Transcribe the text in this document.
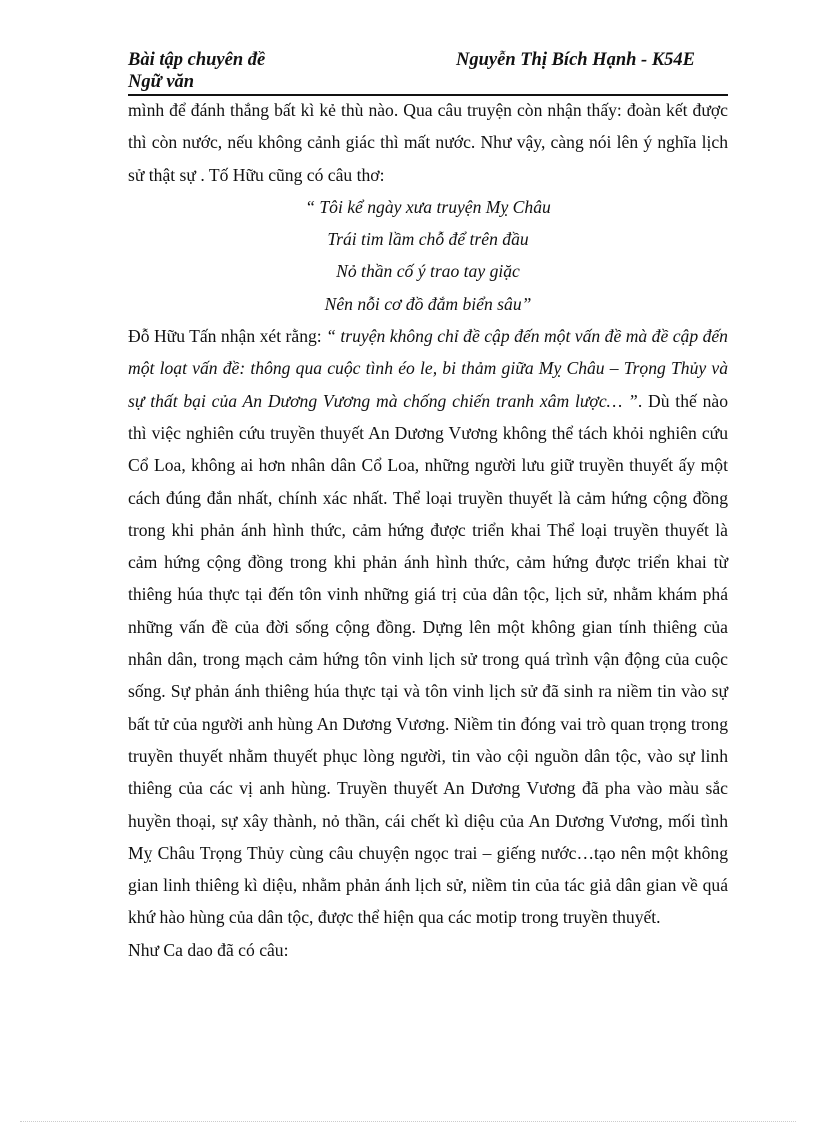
Bài tập chuyên đề
Ngữ văn
Nguyễn Thị Bích Hạnh - K54E

mình để đánh thắng bất kì kẻ thù nào. Qua câu truyện còn nhận thấy: đoàn kết được thì còn nước, nếu không cảnh giác thì mất nước. Như vậy, càng nói lên ý nghĩa lịch sử thật sự . Tố Hữu cũng có câu thơ:

“ Tôi kể ngày xưa truyện Mỵ Châu

Trái tim lầm chỗ để trên đầu

Nỏ thần cố ý trao tay giặc

Nên nỗi cơ đồ đắm biển sâu”

Đỗ Hữu Tấn nhận xét rằng: “ truyện không chỉ đề cập đến một vấn đề mà đề cập đến một loạt vấn đề: thông qua cuộc tình éo le, bi thảm giữa Mỵ Châu – Trọng Thủy và sự thất bại của An Dương Vương mà chống chiến tranh xâm lược… ”. Dù thế nào thì việc nghiên cứu truyền thuyết An Dương Vương không thể tách khỏi nghiên cứu Cổ Loa, không ai hơn nhân dân Cổ Loa, những người lưu giữ truyền thuyết ấy một cách đúng đắn nhất, chính xác nhất. Thể loại truyền thuyết là cảm hứng cộng đồng trong khi phản ánh hình thức, cảm hứng được triển khai Thể loại truyền thuyết là cảm hứng cộng đồng trong khi phản ánh hình thức, cảm hứng được triển khai từ thiêng húa thực tại đến tôn vinh những giá trị của dân tộc, lịch sử, nhằm khám phá những vấn đề của đời sống cộng đồng. Dựng lên một không gian tính thiêng của nhân dân, trong mạch cảm hứng tôn vinh lịch sử trong quá trình vận động của cuộc sống. Sự phản ánh thiêng húa thực tại và tôn vinh lịch sử đã sinh ra niềm tin vào sự bất tử của người anh hùng An Dương Vương. Niềm tin đóng vai trò quan trọng trong truyền thuyết nhằm thuyết phục lòng người, tin vào cội nguồn dân tộc, vào sự linh thiêng của các vị anh hùng. Truyền thuyết An Dương Vương đã pha vào màu sắc huyền thoại, sự xây thành, nỏ thần, cái chết kì diệu của An Dương Vương, mối tình Mỵ Châu Trọng Thủy cùng câu chuyện ngọc trai – giếng nước…tạo nên một không gian linh thiêng kì diệu, nhằm phản ánh lịch sử, niềm tin của tác giả dân gian về quá khứ hào hùng của dân tộc, được thể hiện qua các motip trong truyền thuyết.

Như Ca dao đã có câu:
